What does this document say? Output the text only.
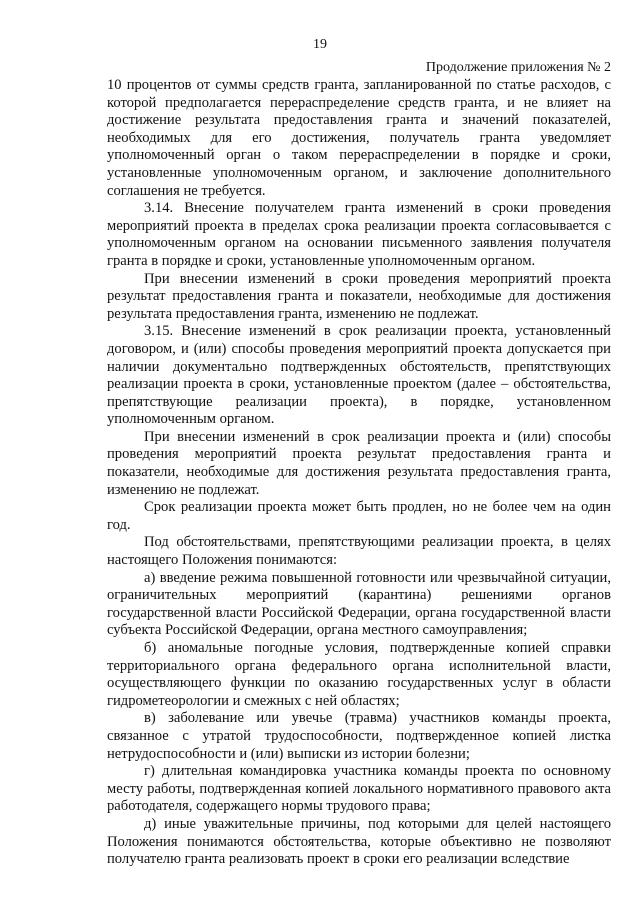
19
Продолжение приложения № 2

10 процентов от суммы средств гранта, запланированной по статье расходов, с которой предполагается перераспределение средств гранта, и не влияет на достижение результата предоставления гранта и значений показателей, необходимых для его достижения, получатель гранта уведомляет уполномоченный орган о таком перераспределении в порядке и сроки, установленные уполномоченным органом, и заключение дополнительного соглашения не требуется.

3.14. Внесение получателем гранта изменений в сроки проведения мероприятий проекта в пределах срока реализации проекта согласовывается с уполномоченным органом на основании письменного заявления получателя гранта в порядке и сроки, установленные уполномоченным органом.

При внесении изменений в сроки проведения мероприятий проекта результат предоставления гранта и показатели, необходимые для достижения результата предоставления гранта, изменению не подлежат.

3.15. Внесение изменений в срок реализации проекта, установленный договором, и (или) способы проведения мероприятий проекта допускается при наличии документально подтвержденных обстоятельств, препятствующих реализации проекта в сроки, установленные проектом (далее – обстоятельства, препятствующие реализации проекта), в порядке, установленном уполномоченным органом.

При внесении изменений в срок реализации проекта и (или) способы проведения мероприятий проекта результат предоставления гранта и показатели, необходимые для достижения результата предоставления гранта, изменению не подлежат.

Срок реализации проекта может быть продлен, но не более чем на один год.

Под обстоятельствами, препятствующими реализации проекта, в целях настоящего Положения понимаются:

а) введение режима повышенной готовности или чрезвычайной ситуации, ограничительных мероприятий (карантина) решениями органов государственной власти Российской Федерации, органа государственной власти субъекта Российской Федерации, органа местного самоуправления;

б) аномальные погодные условия, подтвержденные копией справки территориального органа федерального органа исполнительной власти, осуществляющего функции по оказанию государственных услуг в области гидрометеорологии и смежных с ней областях;

в) заболевание или увечье (травма) участников команды проекта, связанное с утратой трудоспособности, подтвержденное копией листка нетрудоспособности и (или) выписки из истории болезни;

г) длительная командировка участника команды проекта по основному месту работы, подтвержденная копией локального нормативного правового акта работодателя, содержащего нормы трудового права;

д) иные уважительные причины, под которыми для целей настоящего Положения понимаются обстоятельства, которые объективно не позволяют получателю гранта реализовать проект в сроки его реализации вследствие
